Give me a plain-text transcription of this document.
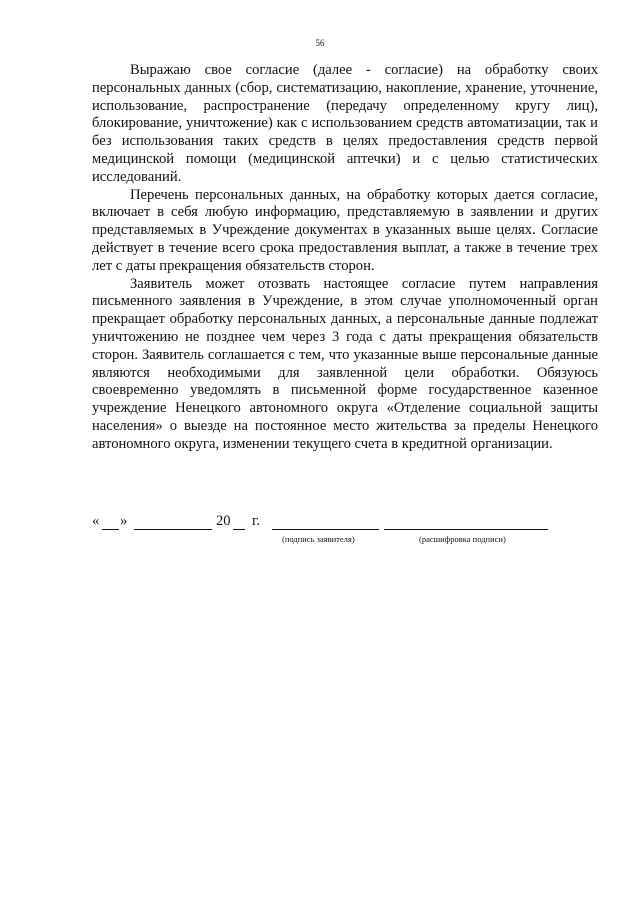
56

Выражаю свое согласие (далее - согласие) на обработку своих персональных данных (сбор, систематизацию, накопление, хранение, уточнение, использование, распространение (передачу определенному кругу лиц), блокирование, уничтожение) как с использованием средств автоматизации, так и без использования таких средств в целях предоставления средств первой медицинской помощи (медицинской аптечки) и с целью статистических исследований.

Перечень персональных данных, на обработку которых дается согласие, включает в себя любую информацию, представляемую в заявлении и других представляемых в Учреждение документах в указанных выше целях. Согласие действует в течение всего срока предоставления выплат, а также в течение трех лет с даты прекращения обязательств сторон.

Заявитель может отозвать настоящее согласие путем направления письменного заявления в Учреждение, в этом случае уполномоченный орган прекращает обработку персональных данных, а персональные данные подлежат уничтожению не позднее чем через 3 года с даты прекращения обязательств сторон. Заявитель соглашается с тем, что указанные выше персональные данные являются необходимыми для заявленной цели обработки. Обязуюсь своевременно уведомлять в письменной форме государственное казенное учреждение Ненецкого автономного округа «Отделение социальной защиты населения» о выезде на постоянное место жительства за пределы Ненецкого автономного округа, изменении текущего счета в кредитной организации.

« »	20 г.
(подпись заявителя)	(расшифровка подписи)
